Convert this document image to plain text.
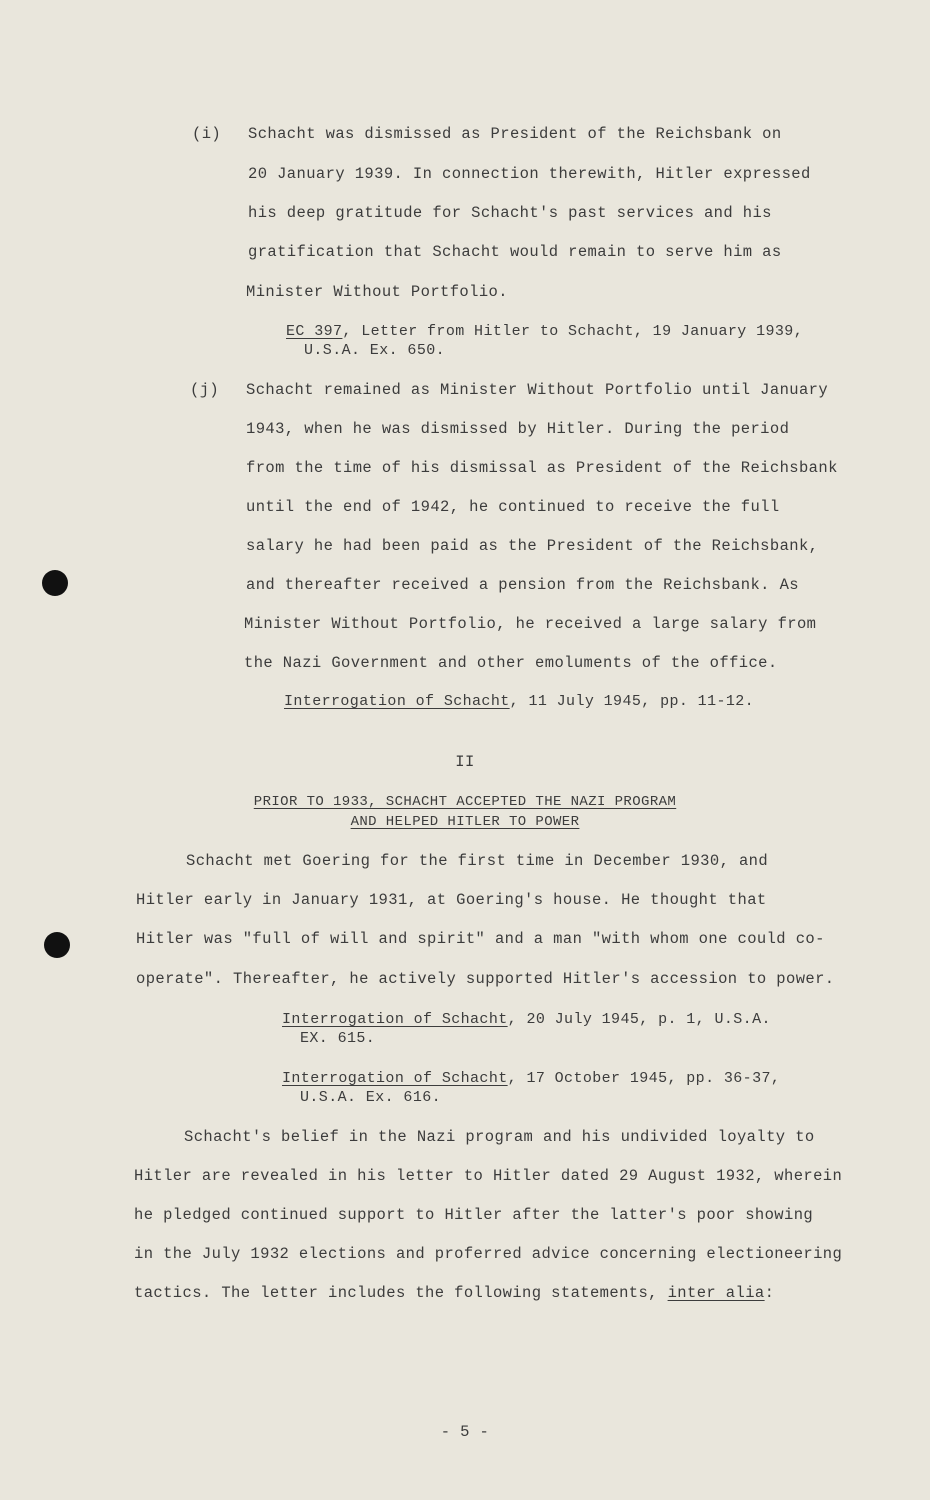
(i) Schacht was dismissed as President of the Reichsbank on
20 January 1939. In connection therewith, Hitler expressed
his deep gratitude for Schacht's past services and his
gratification that Schacht would remain to serve him as
Minister Without Portfolio.
EC 397, Letter from Hitler to Schacht, 19 January 1939,
U.S.A. Ex. 650.
(j) Schacht remained as Minister Without Portfolio until January
1943, when he was dismissed by Hitler. During the period
from the time of his dismissal as President of the Reichsbank
until the end of 1942, he continued to receive the full
salary he had been paid as the President of the Reichsbank,
and thereafter received a pension from the Reichsbank. As
Minister Without Portfolio, he received a large salary from
the Nazi Government and other emoluments of the office.
Interrogation of Schacht, 11 July 1945, pp. 11-12.
II
PRIOR TO 1933, SCHACHT ACCEPTED THE NAZI PROGRAM
AND HELPED HITLER TO POWER
Schacht met Goering for the first time in December 1930, and
Hitler early in January 1931, at Goering's house. He thought that
Hitler was "full of will and spirit" and a man "with whom one could co-
operate". Thereafter, he actively supported Hitler's accession to power.
Interrogation of Schacht, 20 July 1945, p. 1, U.S.A.
EX. 615.
Interrogation of Schacht, 17 October 1945, pp. 36-37,
U.S.A. Ex. 616.
Schacht's belief in the Nazi program and his undivided loyalty to
Hitler are revealed in his letter to Hitler dated 29 August 1932, wherein
he pledged continued support to Hitler after the latter's poor showing
in the July 1932 elections and proferred advice concerning electioneering
tactics. The letter includes the following statements, inter alia:
- 5 -
